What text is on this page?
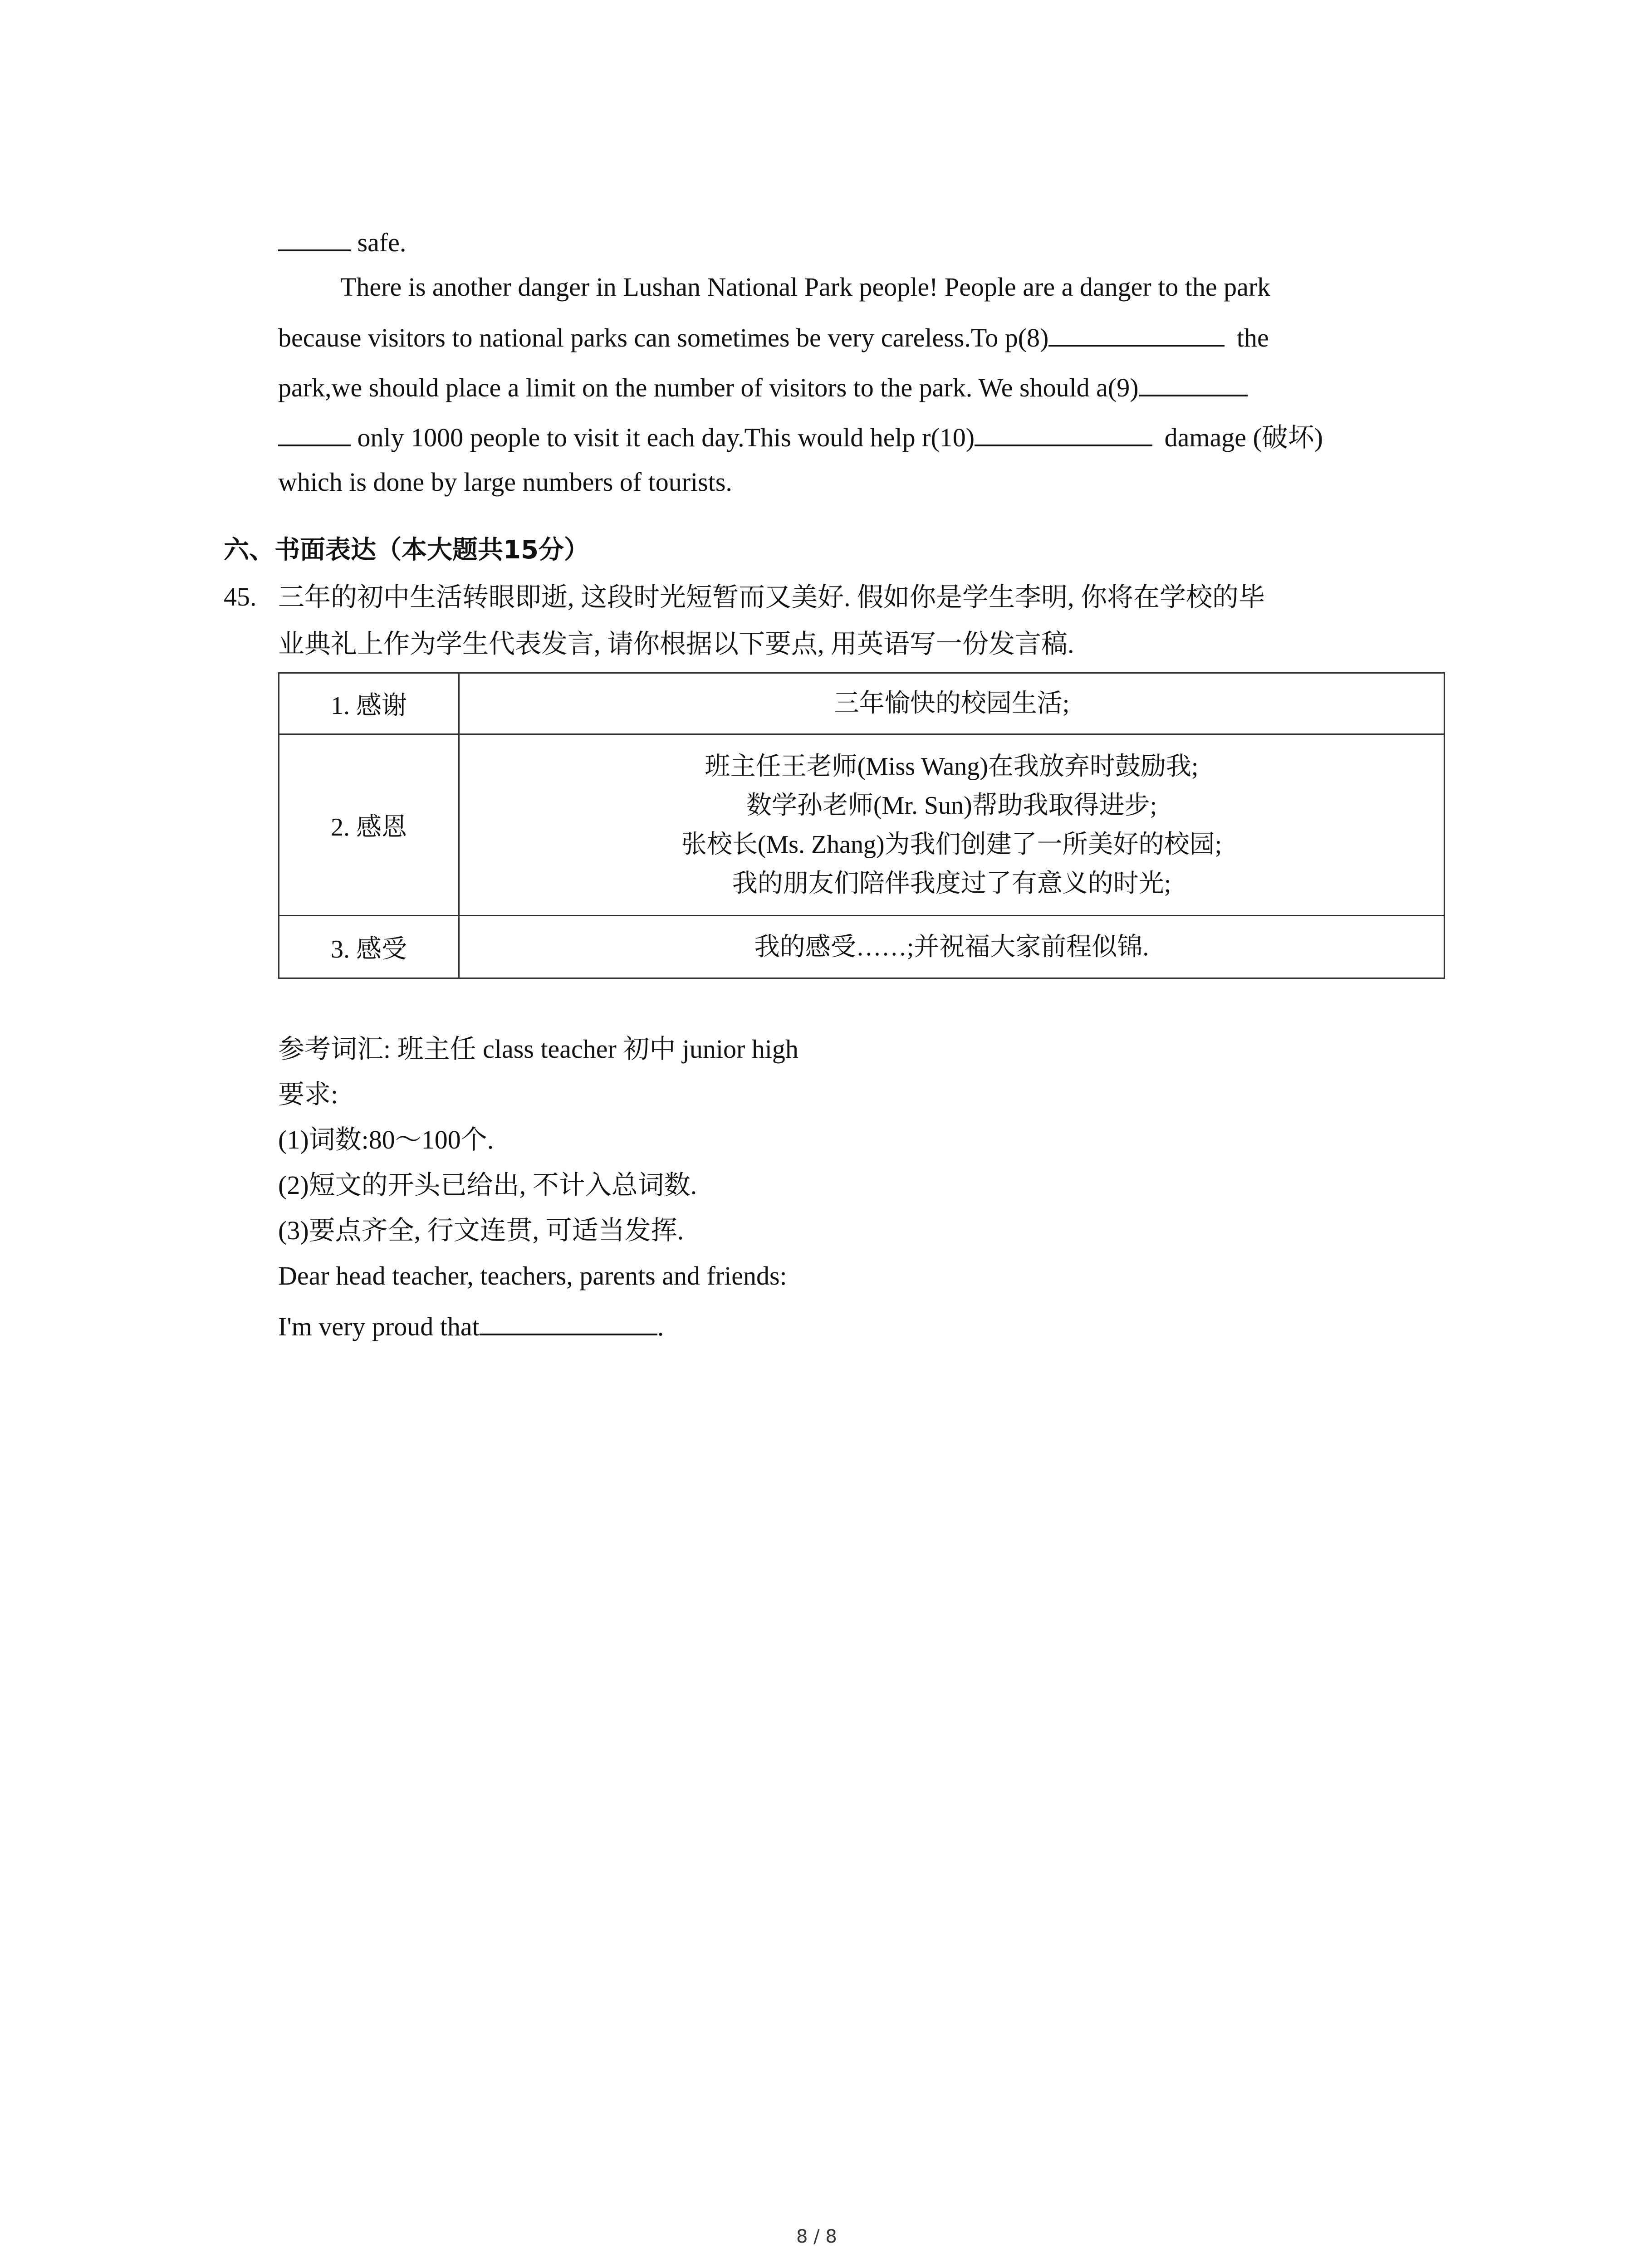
safe.
There is another danger in Lushan National Park people! People are a danger to the park
because visitors to national parks can sometimes be very careless.To p(8)	the
park,we should place a limit on the number of visitors to the park. We should a(9)
only 1000 people to visit it each day.This would help r(10)	damage (破坏)
which is done by large numbers of tourists.
六、书面表达（本大题共15分）
45. 三年的初中生活转眼即逝, 这段时光短暂而又美好. 假如你是学生李明, 你将在学校的毕
业典礼上作为学生代表发言, 请你根据以下要点, 用英语写一份发言稿.
1. 感谢	三年愉快的校园生活;

2. 感恩	班主任王老师(Miss Wang)在我放弃时鼓励我;
数学孙老师(Mr. Sun)帮助我取得进步;
张校长(Ms. Zhang)为我们创建了一所美好的校园;
我的朋友们陪伴我度过了有意义的时光;

3. 感受	我的感受……;并祝福大家前程似锦.
参考词汇: 班主任 class teacher 初中 junior high
要求:
(1)词数:80～100个.
(2)短文的开头已给出, 不计入总词数.
(3)要点齐全, 行文连贯, 可适当发挥.
Dear head teacher, teachers, parents and friends:
I'm very proud that	.
8 / 8
